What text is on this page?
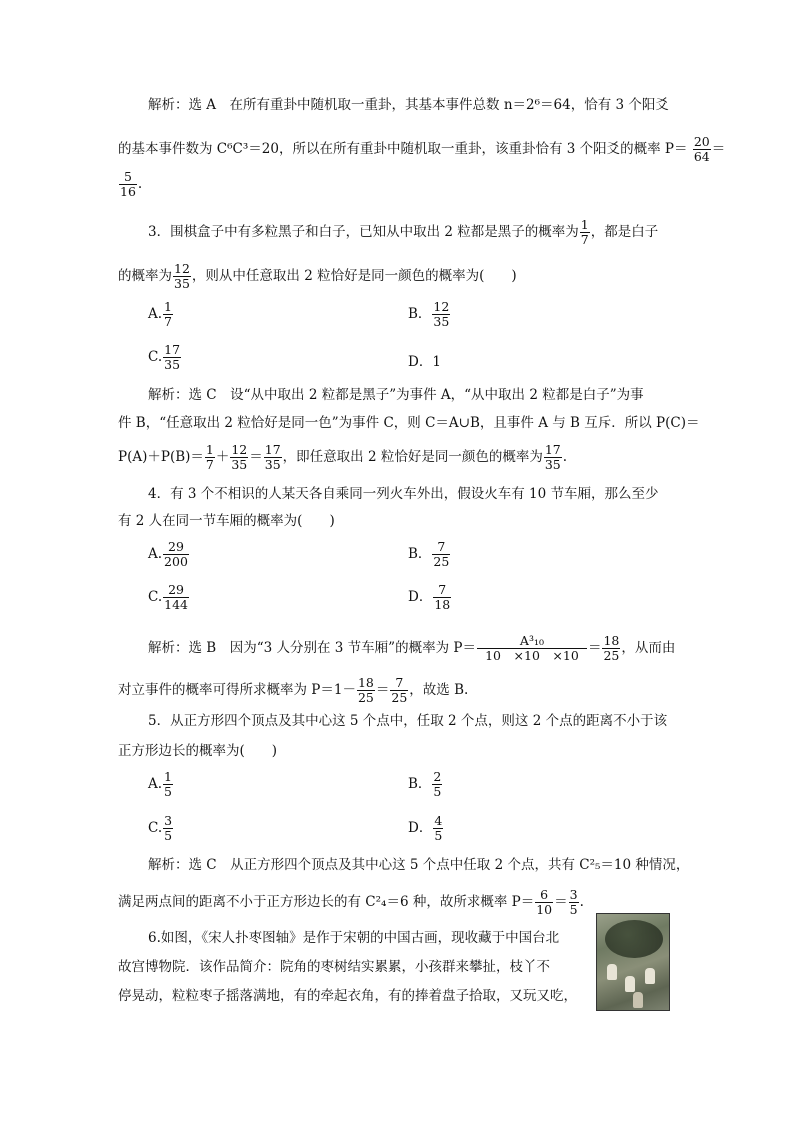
解析：选 A　在所有重卦中随机取一重卦，其基本事件总数 n＝2⁶＝64，恰有 3 个阳爻
的基本事件数为 C⁶C³＝20，所以在所有重卦中随机取一重卦，该重卦恰有 3 个阳爻的概率 $P= \frac{20}{64}$ ＝
$\frac{5}{16}$ .
3．围棋盒子中有多粒黑子和白子，已知从中取出 2 粒都是黑子的概率为 $\frac{1}{7}$ ，都是白子
的概率为 $\frac{12}{35}$ ，则从中任意取出 2 粒恰好是同一颜色的概率为(　　)
A. $\frac{1}{7}$	B． $\frac{12}{35}$
C. $\frac{17}{35}$	D．1
解析：选 C　设“从中取出 2 粒都是黑子”为事件 A，“从中取出 2 粒都是白子”为事
件 B，“任意取出 2 粒恰好是同一色”为事件 C，则 C＝A∪B，且事件 A 与 B 互斥．所以 P(C)＝
$P(A)+P(B)= \frac{1}{7} + \frac{12}{35} = \frac{17}{35}$ ，即任意取出 2 粒恰好是同一颜色的概率为 $\frac{17}{35}$ .
4．有 3 个不相识的人某天各自乘同一列火车外出，假设火车有 10 节车厢，那么至少
有 2 人在同一节车厢的概率为(　　)
A. $\frac{29}{200}$	B． $\frac{7}{25}$
C. $\frac{29}{144}$	D． $\frac{7}{18}$
解析：选 B　因为“3 人分别在 3 节车厢”的概率为 $P= \frac{\text{A³₁₀}}{10 \times 10 \times 10} = \frac{18}{25}$ ，从而由
对立事件的概率可得所求概率为 $P=1- \frac{18}{25} = \frac{7}{25}$ ，故选 B.
5．从正方形四个顶点及其中心这 5 个点中，任取 2 个点，则这 2 个点的距离不小于该
正方形边长的概率为(　　)
A. $\frac{1}{5}$	B． $\frac{2}{5}$
C. $\frac{3}{5}$	D． $\frac{4}{5}$
解析：选 C　从正方形四个顶点及其中心这 5 个点中任取 2 个点，共有 C²₅＝10 种情况，
满足两点间的距离不小于正方形边长的有 C²₄＝6 种，故所求概率 $P= \frac{6}{10} = \frac{3}{5}$ .
6.如图，《宋人扑枣图轴》是作于宋朝的中国古画，现收藏于中国台北
故宫博物院．该作品简介：院角的枣树结实累累，小孩群来攀扯，枝丫不
停晃动，粒粒枣子摇落满地，有的牵起衣角，有的捧着盘子拾取，又玩又吃，
